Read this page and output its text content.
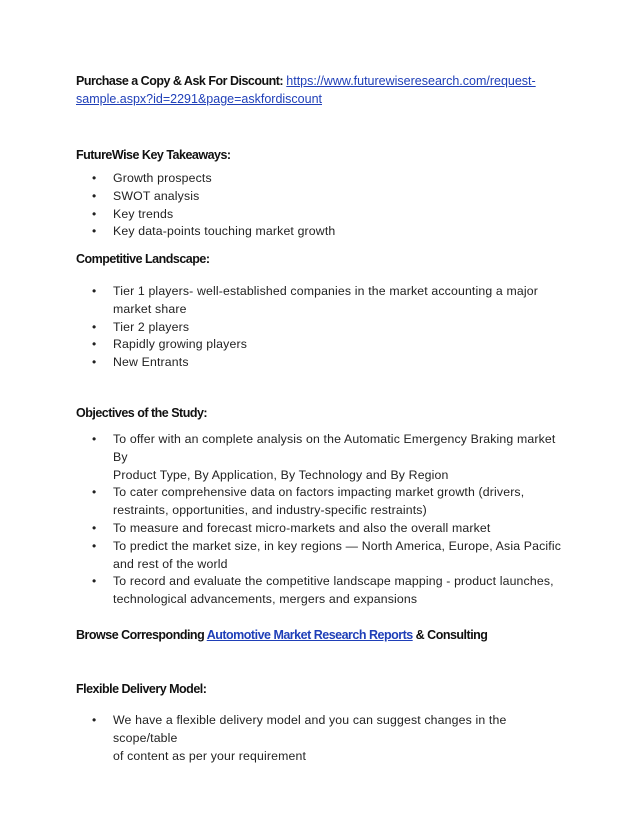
Purchase a Copy & Ask For Discount: https://www.futurewiseresearch.com/request-
sample.aspx?id=2291&page=askfordiscount
FutureWise Key Takeaways:
• Growth prospects
• SWOT analysis
• Key trends
• Key data-points touching market growth
Competitive Landscape:
• Tier 1 players- well-established companies in the market accounting a major
market share
• Tier 2 players
• Rapidly growing players
• New Entrants
Objectives of the Study:
• To offer with an complete analysis on the Automatic Emergency Braking market By
Product Type, By Application, By Technology and By Region
• To cater comprehensive data on factors impacting market growth (drivers,
restraints, opportunities, and industry-specific restraints)
• To measure and forecast micro-markets and also the overall market
• To predict the market size, in key regions — North America, Europe, Asia Pacific
and rest of the world
• To record and evaluate the competitive landscape mapping - product launches,
technological advancements, mergers and expansions
Browse Corresponding Automotive Market Research Reports & Consulting
Flexible Delivery Model:
• We have a flexible delivery model and you can suggest changes in the scope/table
of content as per your requirement
